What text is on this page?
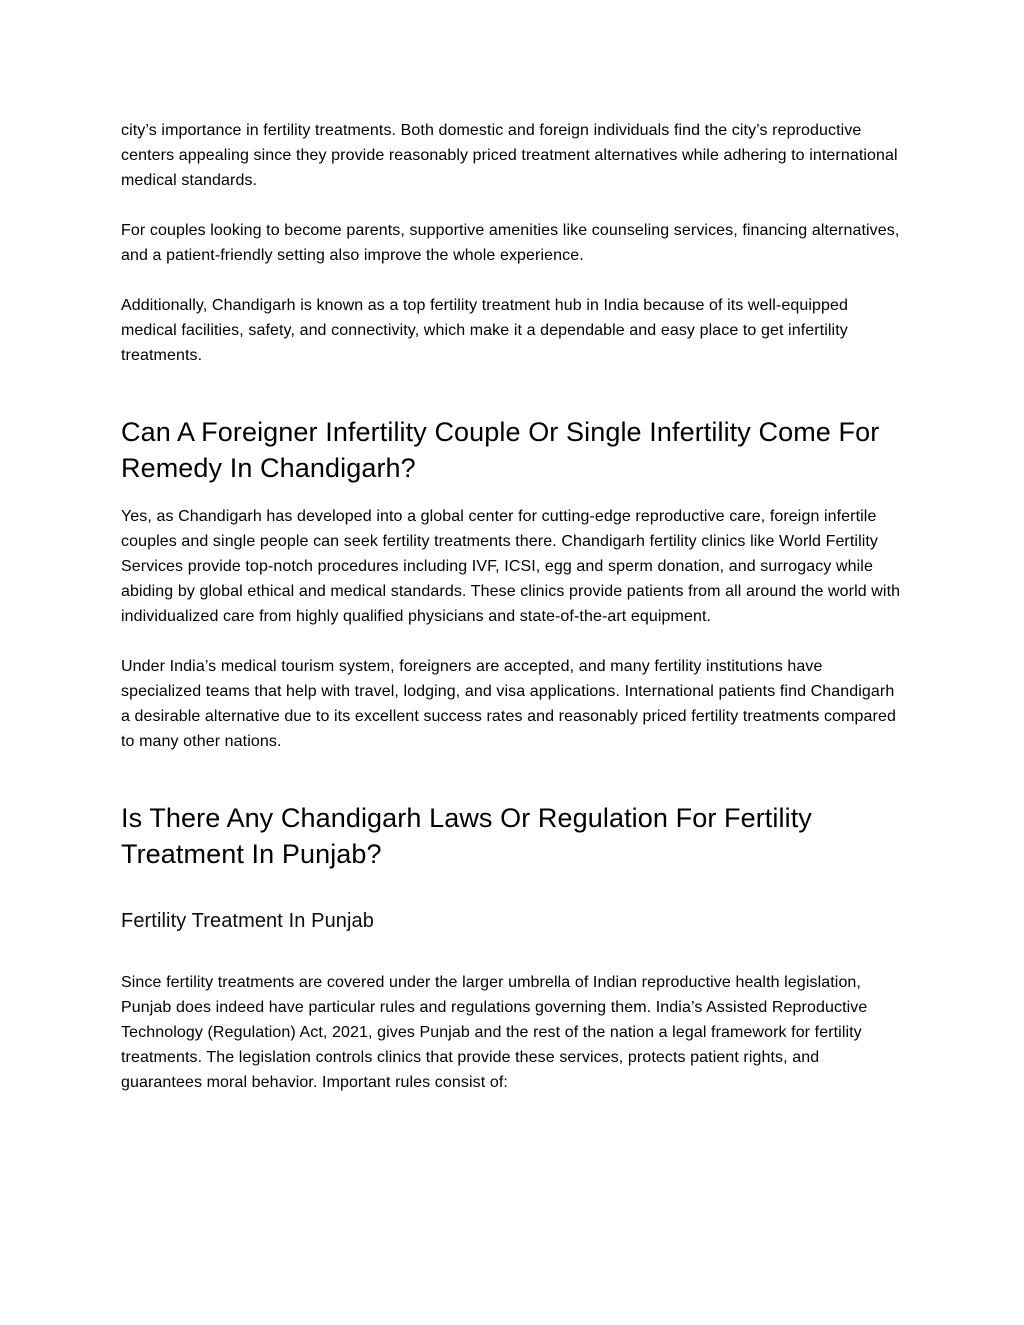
city’s importance in fertility treatments. Both domestic and foreign individuals find the city’s reproductive centers appealing since they provide reasonably priced treatment alternatives while adhering to international medical standards.

For couples looking to become parents, supportive amenities like counseling services, financing alternatives, and a patient-friendly setting also improve the whole experience.

Additionally, Chandigarh is known as a top fertility treatment hub in India because of its well-equipped medical facilities, safety, and connectivity, which make it a dependable and easy place to get infertility treatments.

Can A Foreigner Infertility Couple Or Single Infertility Come For Remedy In Chandigarh?

Yes, as Chandigarh has developed into a global center for cutting-edge reproductive care, foreign infertile couples and single people can seek fertility treatments there. Chandigarh fertility clinics like World Fertility Services provide top-notch procedures including IVF, ICSI, egg and sperm donation, and surrogacy while abiding by global ethical and medical standards. These clinics provide patients from all around the world with individualized care from highly qualified physicians and state-of-the-art equipment.

Under India’s medical tourism system, foreigners are accepted, and many fertility institutions have specialized teams that help with travel, lodging, and visa applications. International patients find Chandigarh a desirable alternative due to its excellent success rates and reasonably priced fertility treatments compared to many other nations.

Is There Any Chandigarh Laws Or Regulation For Fertility Treatment In Punjab?
Fertility Treatment In Punjab

Since fertility treatments are covered under the larger umbrella of Indian reproductive health legislation, Punjab does indeed have particular rules and regulations governing them. India’s Assisted Reproductive Technology (Regulation) Act, 2021, gives Punjab and the rest of the nation a legal framework for fertility treatments. The legislation controls clinics that provide these services, protects patient rights, and guarantees moral behavior. Important rules consist of:
